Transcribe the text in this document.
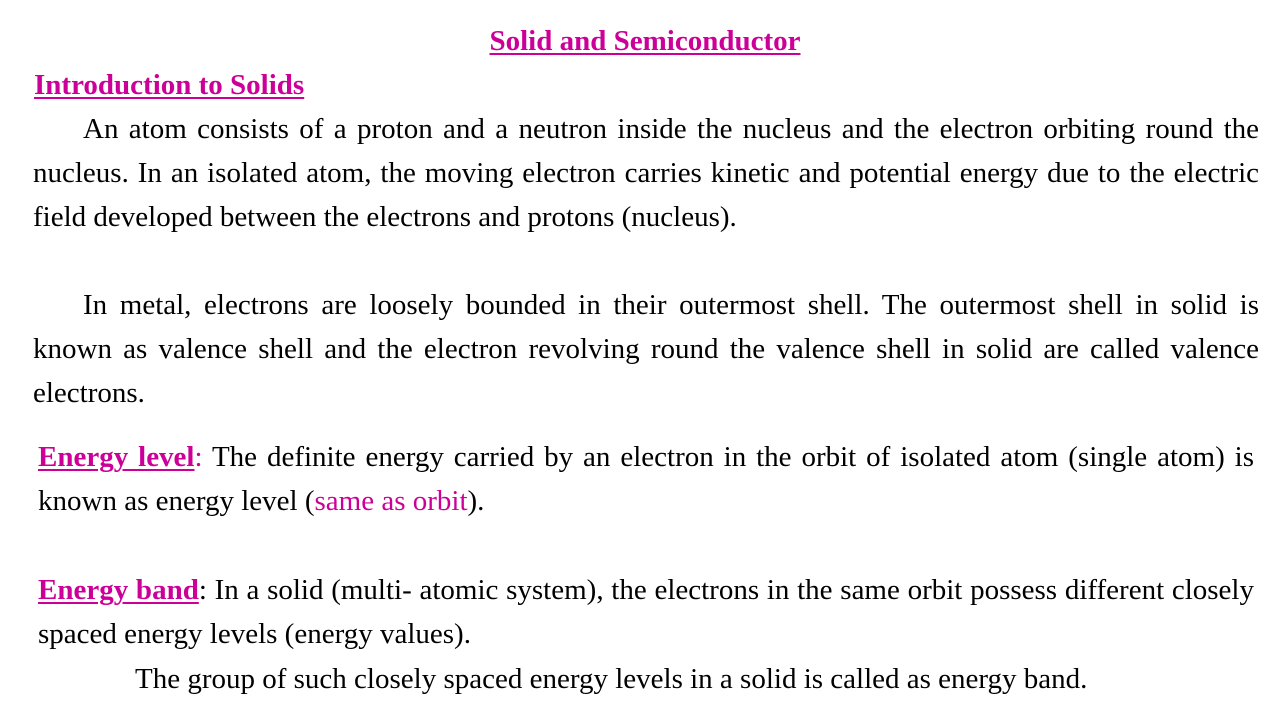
Solid and Semiconductor
Introduction to Solids

An atom consists of a proton and a neutron inside the nucleus and the electron orbiting round the nucleus. In an isolated atom, the moving electron carries kinetic and potential energy due to the electric field developed between the electrons and protons (nucleus).

In metal, electrons are loosely bounded in their outermost shell. The outermost shell in solid is known as valence shell and the electron revolving round the valence shell in solid are called valence electrons.

Energy level: The definite energy carried by an electron in the orbit of isolated atom (single atom) is known as energy level (same as orbit).

Energy band: In a solid (multi- atomic system), the electrons in the same orbit possess different closely spaced energy levels (energy values).

The group of such closely spaced energy levels in a solid is called as energy band.
